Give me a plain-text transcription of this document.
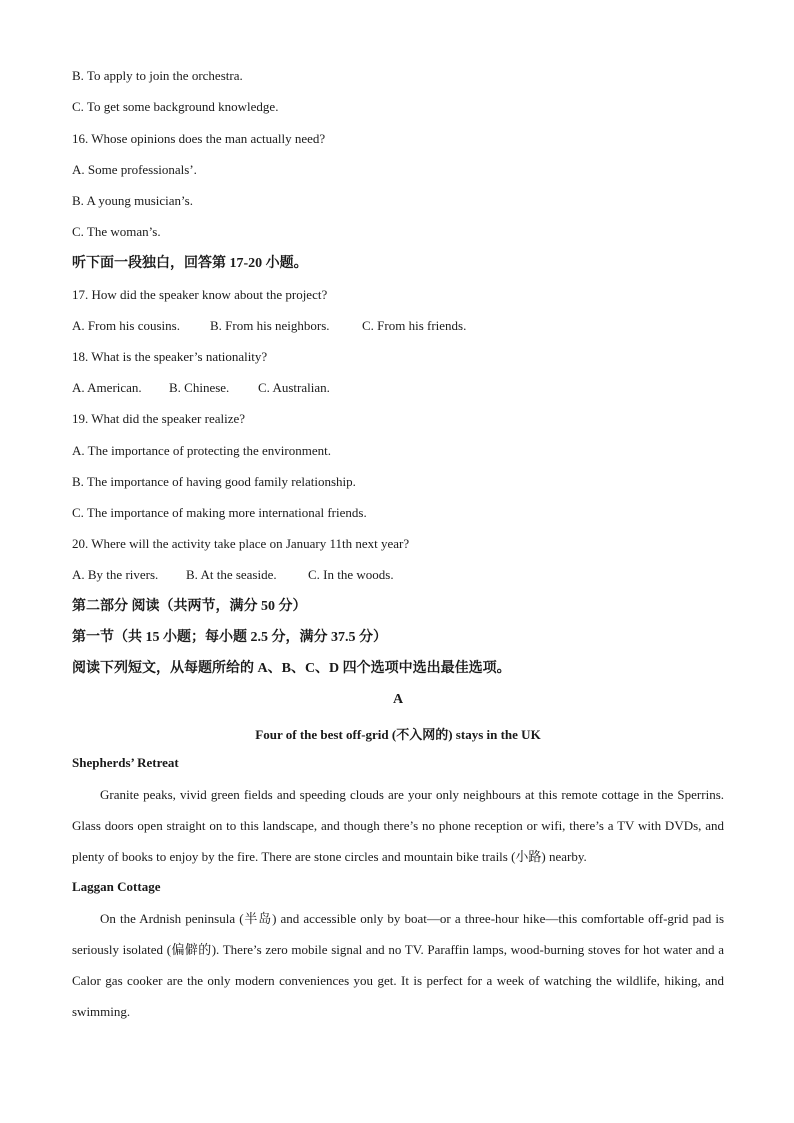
B. To apply to join the orchestra.
C. To get some background knowledge.
16. Whose opinions does the man actually need?
A. Some professionals’.
B. A young musician’s.
C. The woman’s.
听下面一段独白，回答第 17-20 小题。
17. How did the speaker know about the project?
A. From his cousins. B. From his neighbors. C. From his friends.
18. What is the speaker’s nationality?
A. American. B. Chinese. C. Australian.
19. What did the speaker realize?
A. The importance of protecting the environment.
B. The importance of having good family relationship.
C. The importance of making more international friends.
20. Where will the activity take place on January 11th next year?
A. By the rivers. B. At the seaside. C. In the woods.
第二部分 阅读（共两节，满分 50 分）
第一节（共 15 小题；每小题 2.5 分，满分 37.5 分）
阅读下列短文，从每题所给的 A、B、C、D 四个选项中选出最佳选项。
A
Four of the best off-grid (不入网的) stays in the UK
Shepherds’ Retreat
Granite peaks, vivid green fields and speeding clouds are your only neighbours at this remote cottage in the Sperrins. Glass doors open straight on to this landscape, and though there’s no phone reception or wifi, there’s a TV with DVDs, and plenty of books to enjoy by the fire. There are stone circles and mountain bike trails (小路) nearby.
Laggan Cottage
On the Ardnish peninsula (半岛) and accessible only by boat—or a three-hour hike—this comfortable off-grid pad is seriously isolated (偏僻的). There’s zero mobile signal and no TV. Paraffin lamps, wood-burning stoves for hot water and a Calor gas cooker are the only modern conveniences you get. It is perfect for a week of watching the wildlife, hiking, and swimming.
